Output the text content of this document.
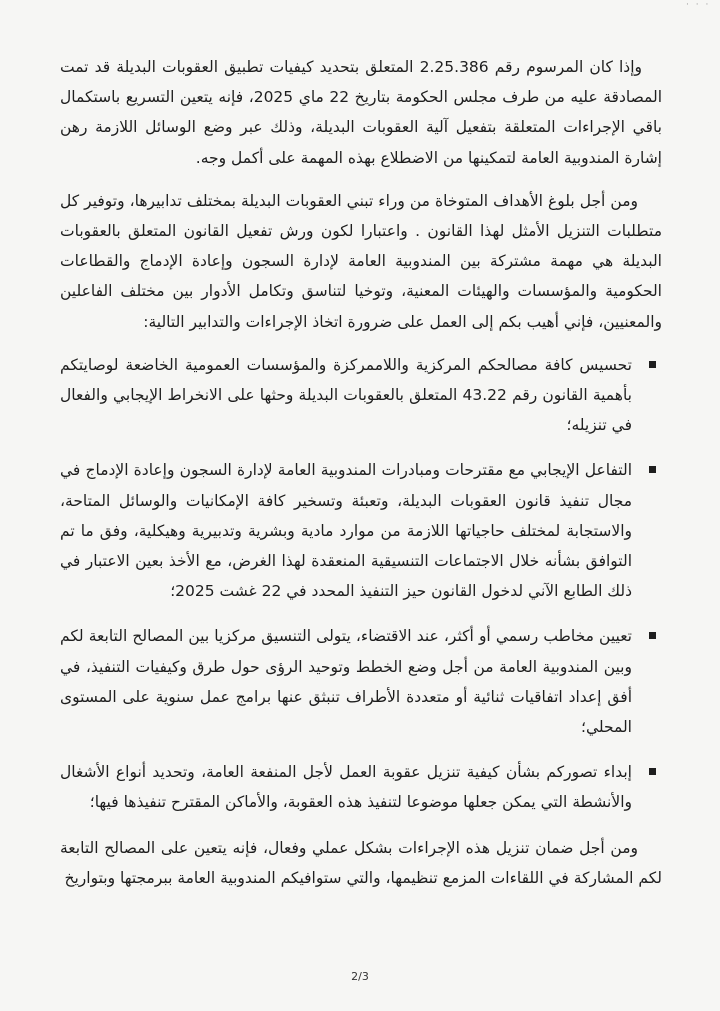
· · ·

وإذا كان المرسوم رقم 2.25.386 المتعلق بتحديد كيفيات تطبيق العقوبات البديلة قد تمت المصادقة عليه من طرف مجلس الحكومة بتاريخ 22 ماي 2025، فإنه يتعين التسريع باستكمال باقي الإجراءات المتعلقة بتفعيل آلية العقوبات البديلة، وذلك عبر وضع الوسائل اللازمة رهن إشارة المندوبية العامة لتمكينها من الاضطلاع بهذه المهمة على أكمل وجه.

ومن أجل بلوغ الأهداف المتوخاة من وراء تبني العقوبات البديلة بمختلف تدابيرها، وتوفير كل متطلبات التنزيل الأمثل لهذا القانون . واعتبارا لكون ورش تفعيل القانون المتعلق بالعقوبات البديلة هي مهمة مشتركة بين المندوبية العامة لإدارة السجون وإعادة الإدماج والقطاعات الحكومية والمؤسسات والهيئات المعنية، وتوخيا لتناسق وتكامل الأدوار بين مختلف الفاعلين والمعنيين، فإني أهيب بكم إلى العمل على ضرورة اتخاذ الإجراءات والتدابير التالية:

تحسيس كافة مصالحكم المركزية واللاممركزة والمؤسسات العمومية الخاضعة لوصايتكم بأهمية القانون رقم 43.22 المتعلق بالعقوبات البديلة وحثها على الانخراط الإيجابي والفعال في تنزيله؛
التفاعل الإيجابي مع مقترحات ومبادرات المندوبية العامة لإدارة السجون وإعادة الإدماج في مجال تنفيذ قانون العقوبات البديلة، وتعبئة وتسخير كافة الإمكانيات والوسائل المتاحة، والاستجابة لمختلف حاجياتها اللازمة من موارد مادية وبشرية وتدبيرية وهيكلية، وفق ما تم التوافق بشأنه خلال الاجتماعات التنسيقية المنعقدة لهذا الغرض، مع الأخذ بعين الاعتبار في ذلك الطابع الآني لدخول القانون حيز التنفيذ المحدد في 22 غشت 2025؛
تعيين مخاطب رسمي أو أكثر، عند الاقتضاء، يتولى التنسيق مركزيا بين المصالح التابعة لكم وبين المندوبية العامة من أجل وضع الخطط وتوحيد الرؤى حول طرق وكيفيات التنفيذ، في أفق إعداد اتفاقيات ثنائية أو متعددة الأطراف تنبثق عنها برامج عمل سنوية على المستوى المحلي؛
إبداء تصوركم بشأن كيفية تنزيل عقوبة العمل لأجل المنفعة العامة، وتحديد أنواع الأشغال والأنشطة التي يمكن جعلها موضوعا لتنفيذ هذه العقوبة، والأماكن المقترح تنفيذها فيها؛

ومن أجل ضمان تنزيل هذه الإجراءات بشكل عملي وفعال، فإنه يتعين على المصالح التابعة لكم المشاركة في اللقاءات المزمع تنظيمها، والتي ستوافيكم المندوبية العامة ببرمجتها وبتواريخ

2/3
